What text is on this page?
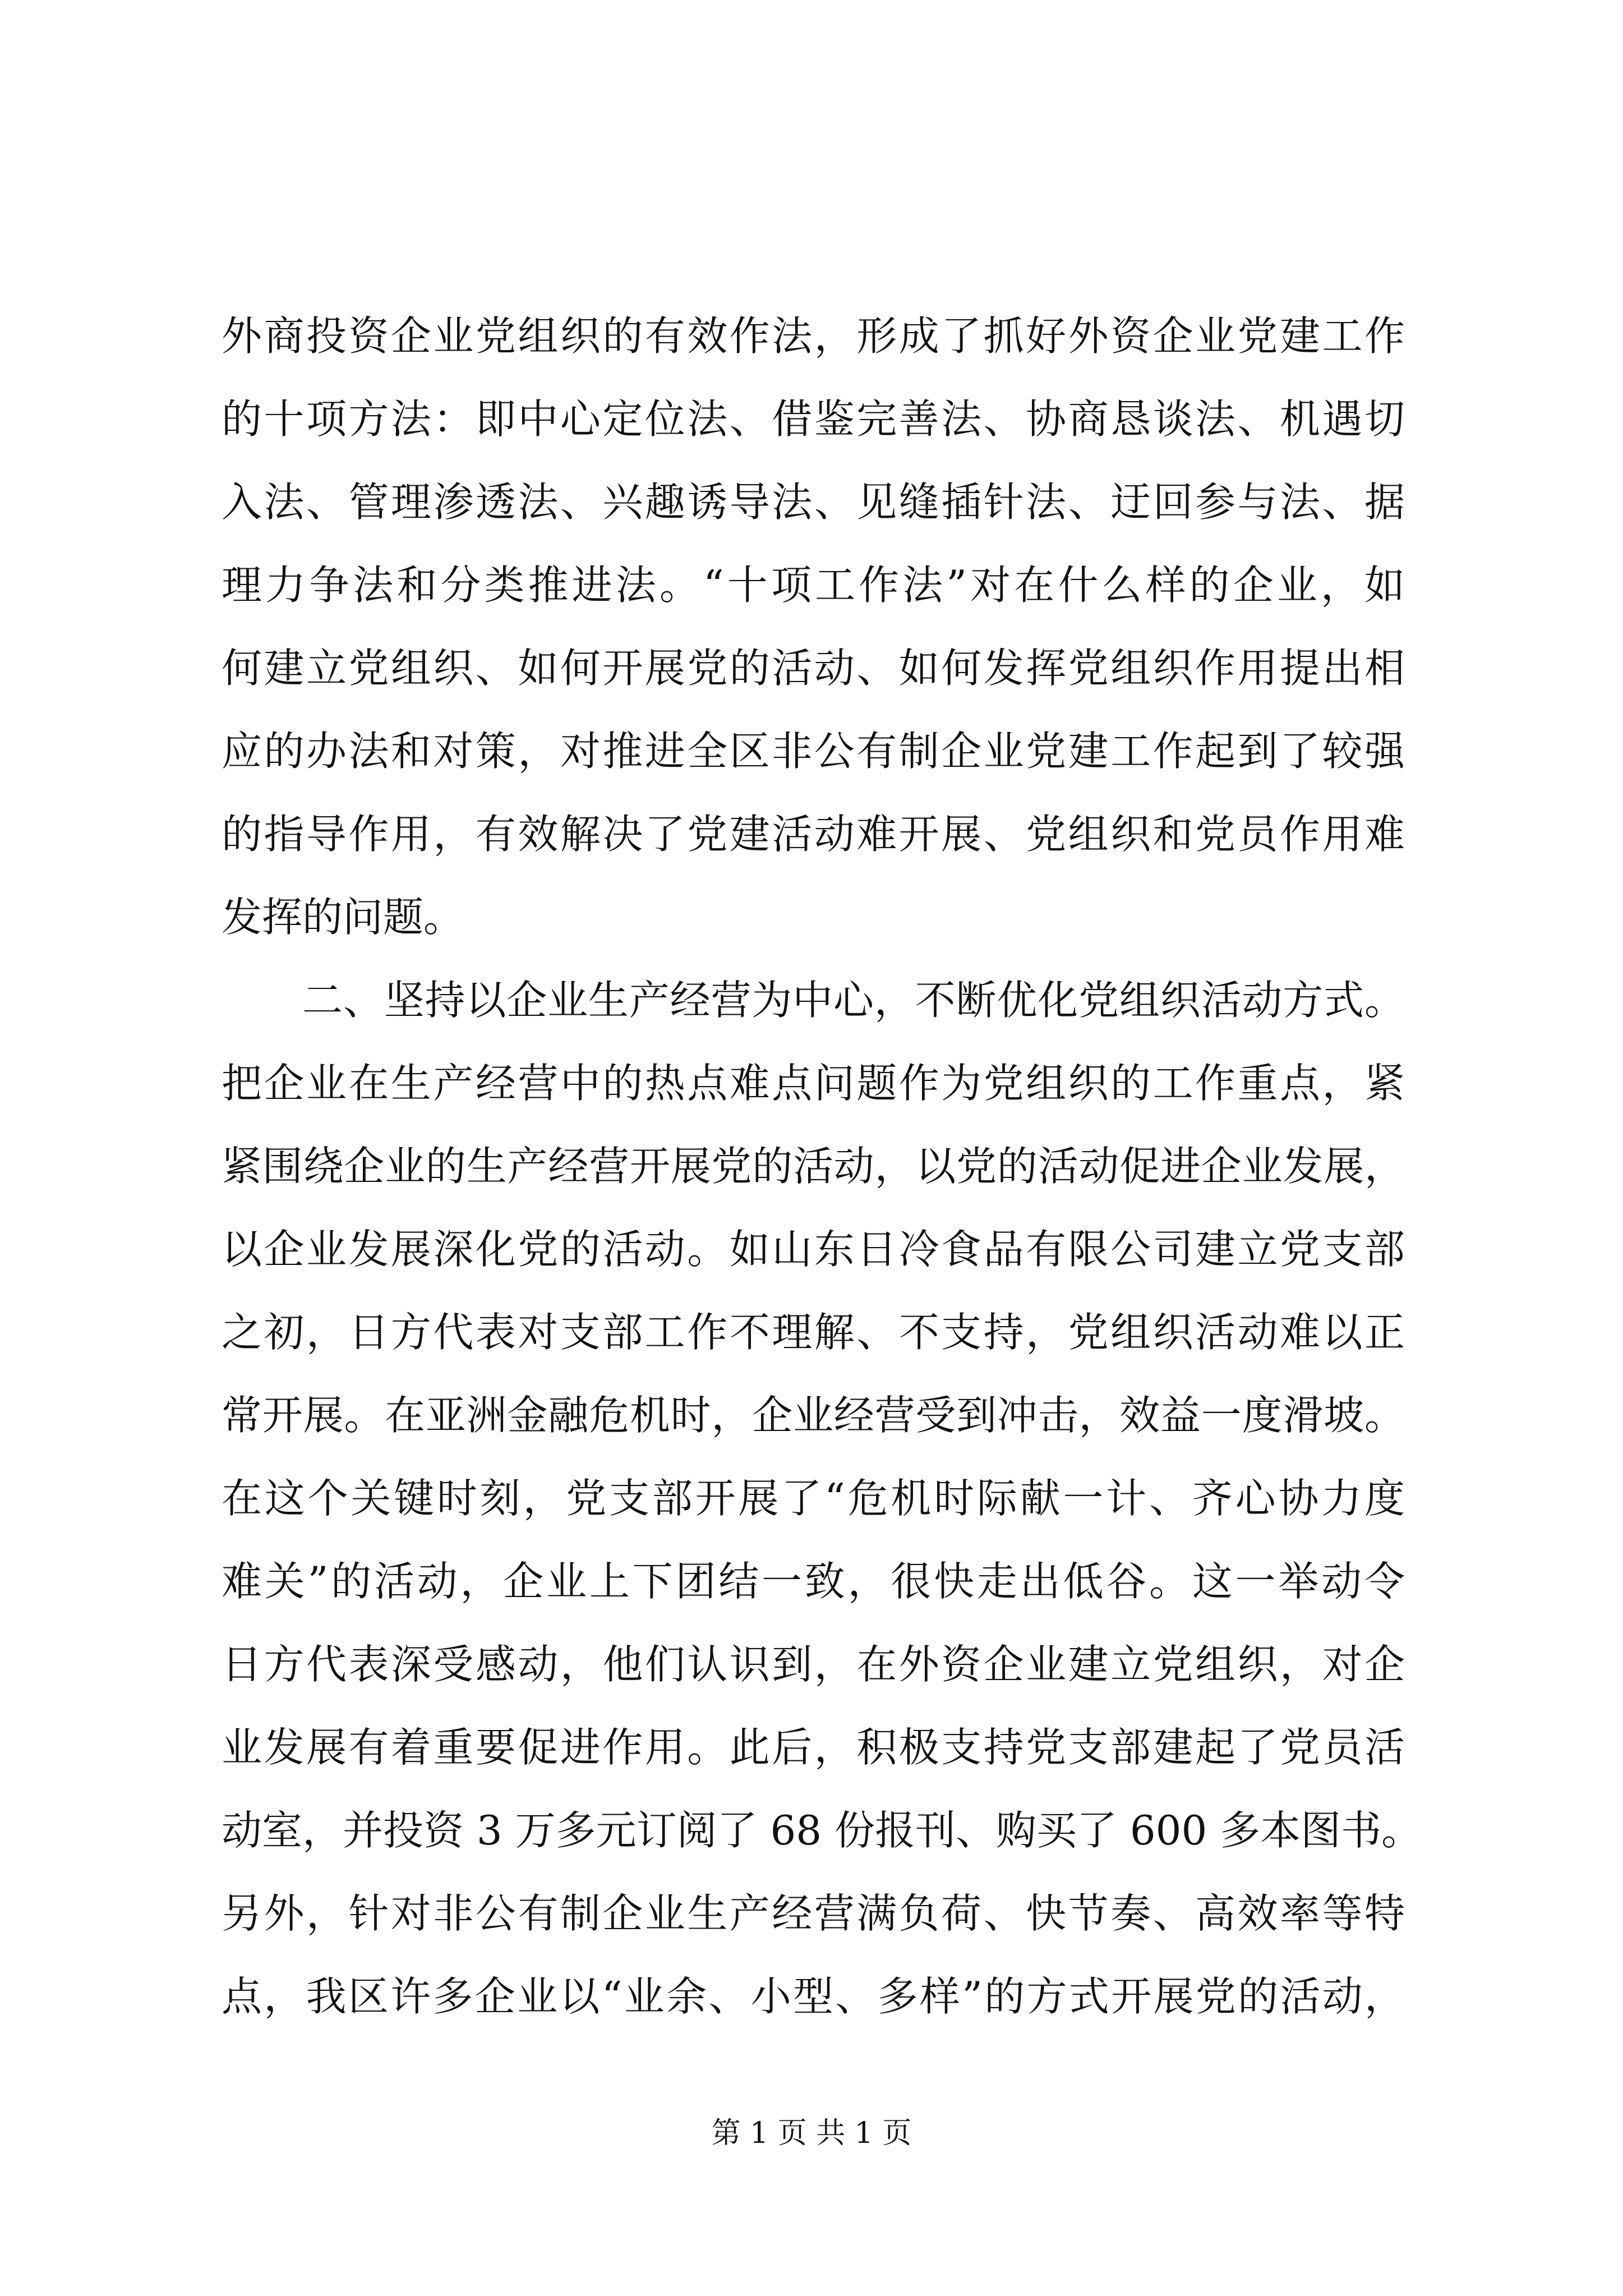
外商投资企业党组织的有效作法，形成了抓好外资企业党建工作
的十项方法：即中心定位法、借鉴完善法、协商恳谈法、机遇切
入法、管理渗透法、兴趣诱导法、见缝插针法、迂回参与法、据
理力争法和分类推进法。“十项工作法”对在什么样的企业，如
何建立党组织、如何开展党的活动、如何发挥党组织作用提出相
应的办法和对策，对推进全区非公有制企业党建工作起到了较强
的指导作用，有效解决了党建活动难开展、党组织和党员作用难
发挥的问题。
二、坚持以企业生产经营为中心，不断优化党组织活动方式。
把企业在生产经营中的热点难点问题作为党组织的工作重点，紧
紧围绕企业的生产经营开展党的活动，以党的活动促进企业发展，
以企业发展深化党的活动。如山东日冷食品有限公司建立党支部
之初，日方代表对支部工作不理解、不支持，党组织活动难以正
常开展。在亚洲金融危机时，企业经营受到冲击，效益一度滑坡。
在这个关键时刻，党支部开展了“危机时际献一计、齐心协力度
难关”的活动，企业上下团结一致，很快走出低谷。这一举动令
日方代表深受感动，他们认识到，在外资企业建立党组织，对企
业发展有着重要促进作用。此后，积极支持党支部建起了党员活
动室，并投资 3 万多元订阅了 68 份报刊、购买了 600 多本图书。
另外，针对非公有制企业生产经营满负荷、快节奏、高效率等特
点，我区许多企业以“业余、小型、多样”的方式开展党的活动，
第 1 页 共 1 页
